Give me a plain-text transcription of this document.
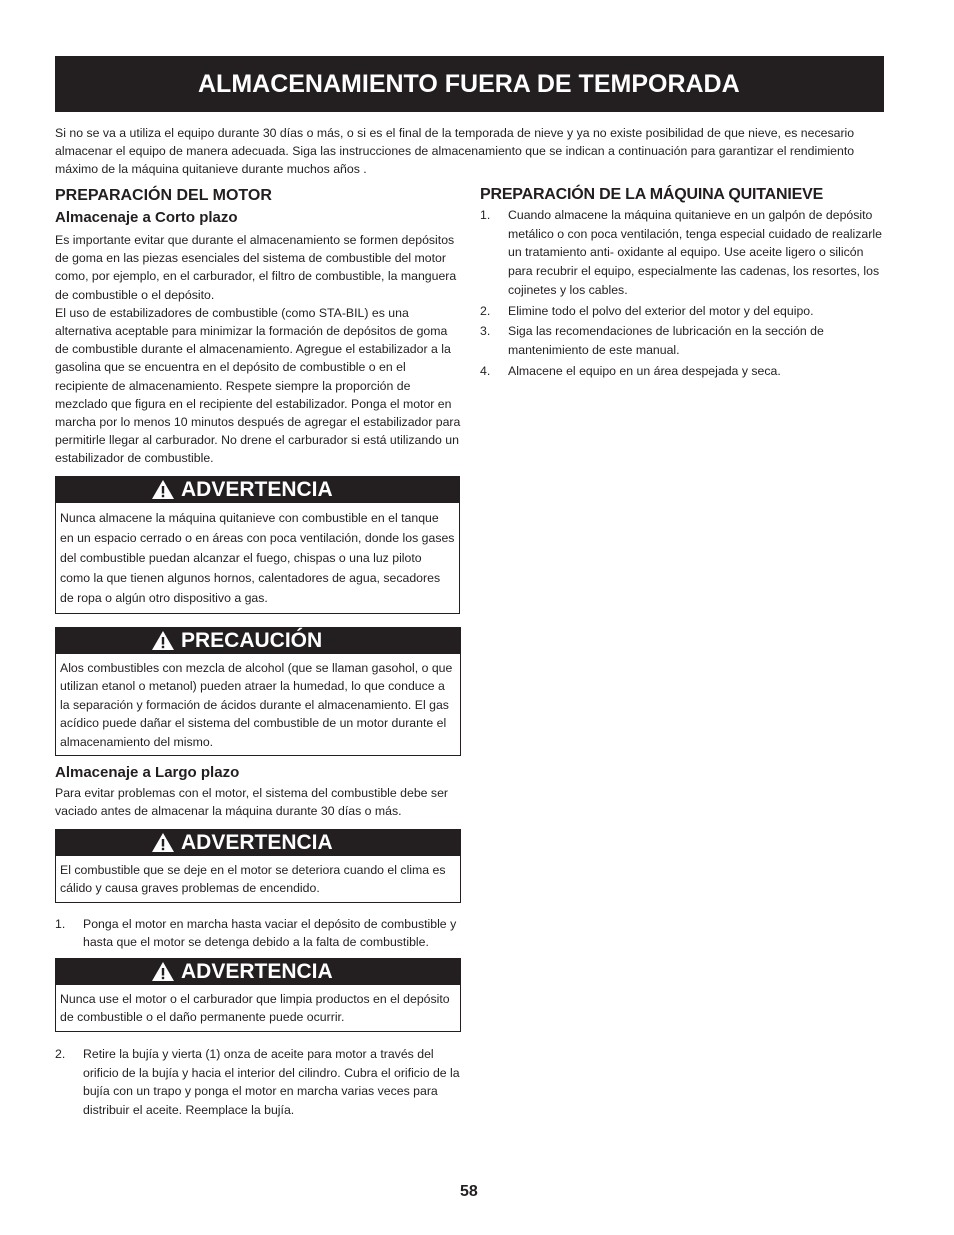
ALMACENAMIENTO FUERA DE TEMPORADA
Si no se va a utiliza el equipo durante 30 días o más, o si es el final de la temporada de nieve y ya no existe posibilidad de que nieve, es necesario almacenar el equipo de manera adecuada. Siga las instrucciones de almacenamiento que se indican a continuación para garantizar el rendimiento máximo de la máquina quitanieve durante muchos años .
PREPARACIÓN DEL MOTOR
Almacenaje a Corto plazo

Es importante evitar que durante el almacenamiento se formen depósitos de goma en las piezas esenciales del sistema de combustible del motor como, por ejemplo, en el carburador, el filtro de combustible, la manguera de combustible o el depósito.

El uso de estabilizadores de combustible (como STA-BIL) es una alternativa aceptable para minimizar la formación de depósitos de goma de combustible durante el almacenamiento. Agregue el estabilizador a la gasolina que se encuentra en el depósito de combustible o en el recipiente de almacenamiento. Respete siempre la proporción de mezclado que figura en el recipiente del estabilizador. Ponga el motor en marcha por lo menos 10 minutos después de agregar el estabilizador para permitirle llegar al carburador. No drene el carburador si está utilizando un estabilizador de combustible.

ADVERTENCIA
Nunca almacene la máquina quitanieve con combustible en el tanque en un espacio cerrado o en áreas con poca ventilación, donde los gases del combustible puedan alcanzar el fuego, chispas o una luz piloto como la que tienen algunos hornos, calentadores de agua, secadores de ropa o algún otro dispositivo a gas.
PRECAUCIÓN
Alos combustibles con mezcla de alcohol (que se llaman gasohol, o que utilizan etanol o metanol) pueden atraer la humedad, lo que conduce a la separación y formación de ácidos durante el almacenamiento. El gas acídico puede dañar el sistema del combustible de un motor durante el almacenamiento del mismo.
Almacenaje a Largo plazo

Para evitar problemas con el motor, el sistema del combustible debe ser vaciado antes de almacenar la máquina durante 30 días o más.

ADVERTENCIA
El combustible que se deje en el motor se deteriora cuando el clima es cálido y causa graves problemas de encendido.
1.	Ponga el motor en marcha hasta vaciar el depósito de combustible y hasta que el motor se detenga debido a la falta de combustible.
ADVERTENCIA
Nunca use el motor o el carburador que limpia productos en el depósito de combustible o el daño permanente puede ocurrir.
2.	Retire la bujía y vierta (1) onza de aceite para motor a través del orificio de la bujía y hacia el interior del cilindro. Cubra el orificio de la bujía con un trapo y ponga el motor en marcha varias veces para distribuir el aceite. Reemplace la bujía.
PREPARACIÓN DE LA MÁQUINA QUITANIEVE
1.	Cuando almacene la máquina quitanieve en un galpón de depósito metálico o con poca ventilación, tenga especial cuidado de realizarle un tratamiento anti- oxidante al equipo. Use aceite ligero o silicón para recubrir el equipo, especialmente las cadenas, los resortes, los cojinetes y los cables.
2.	Elimine todo el polvo del exterior del motor y del equipo.
3.	Siga las recomendaciones de lubricación en la sección de mantenimiento de este manual.
4.	Almacene el equipo en un área despejada y seca.
58
